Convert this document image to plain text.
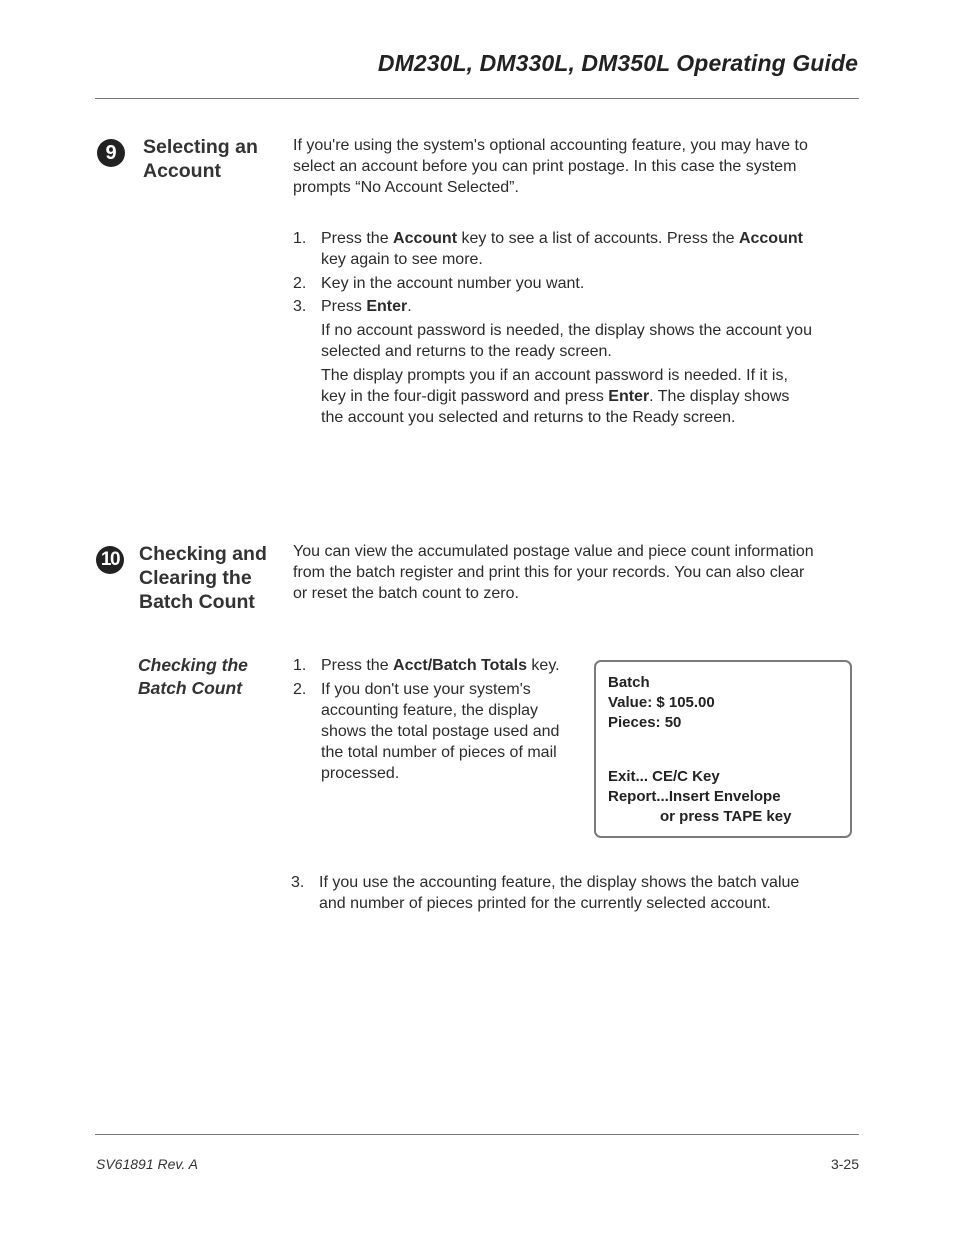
DM230L, DM330L, DM350L Operating Guide
9	Selecting an

Account

If you're using the system's optional accounting feature, you may have to

select an account before you can print postage. In this case the system

prompts “No Account Selected”.

1. Press the Account key to see a list of accounts. Press the Account
key again to see more.
2. Key in the account number you want.
3. Press Enter.
If no account password is needed, the display shows the account you
selected and returns to the ready screen.
The display prompts you if an account password is needed. If it is,
key in the four-digit password and press Enter. The display shows
the account you selected and returns to the Ready screen.
10 Checking and

Clearing the

Batch Count

You can view the accumulated postage value and piece count information

from the batch register and print this for your records. You can also clear

or reset the batch count to zero.

Checking the

Batch Count

1. Press the Acct/Batch Totals key.
2. If you don't use your system's
accounting feature, the display
shows the total postage used and
the total number of pieces of mail
processed.
Batch
Value: $ 105.00
Pieces: 50
Exit... CE/C Key
Report...Insert Envelope
or press TAPE key
3. If you use the accounting feature, the display shows the batch value
and number of pieces printed for the currently selected account.
SV61891 Rev. A	3-25
